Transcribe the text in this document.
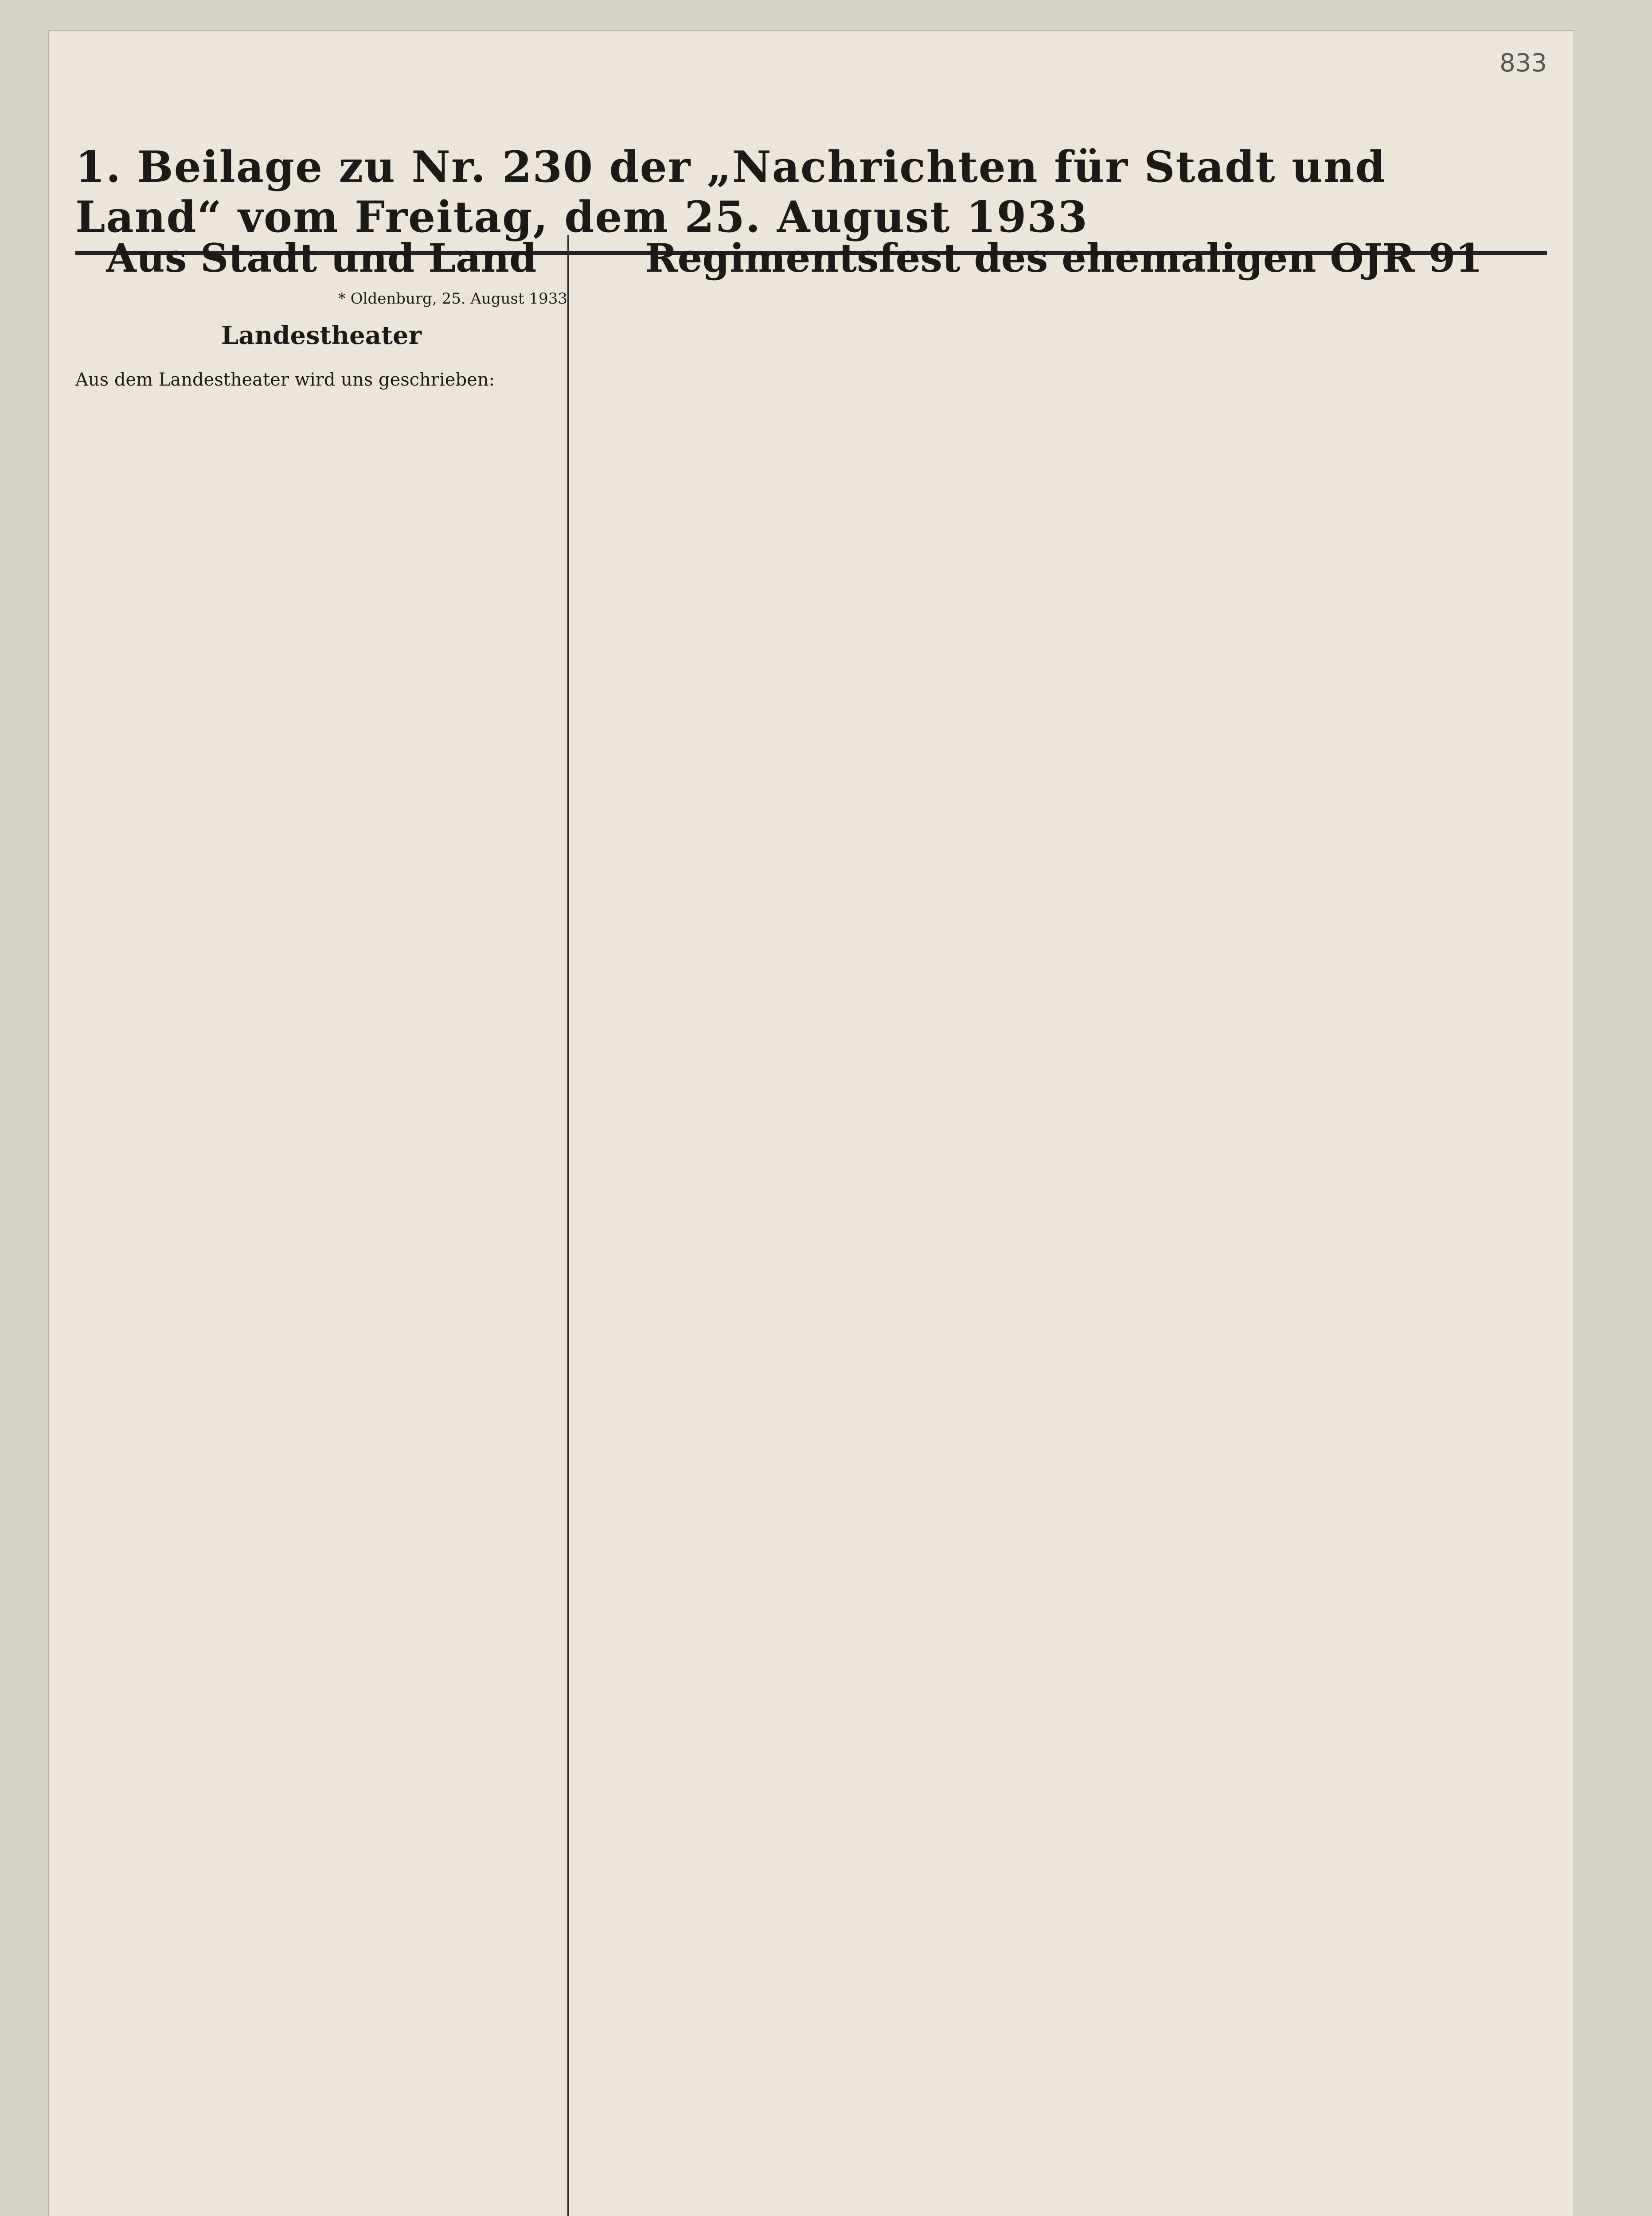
833
1. Beilage zu Nr. 230 der „Nachrichten für Stadt und Land“ vom Freitag, dem 25. August 1933
Aus Stadt und Land

* Oldenburg, 25. August 1933

Landestheater

Aus dem Landestheater wird uns geschrieben:

Regimentsfest des ehemaligen OJR 91
